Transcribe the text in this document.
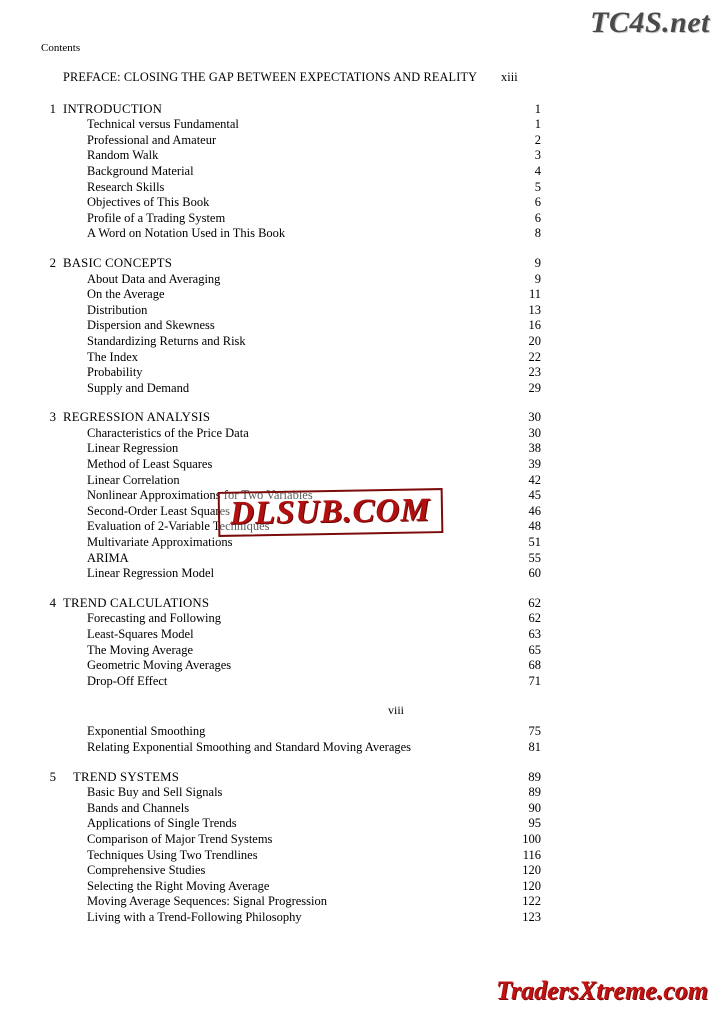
Contents
PREFACE: CLOSING THE GAP BETWEEN EXPECTATIONS AND REALITY	xiii
1 INTRODUCTION	1
Technical versus Fundamental	1
Professional and Amateur	2
Random Walk	3
Background Material	4
Research Skills	5
Objectives of This Book	6
Profile of a Trading System	6
A Word on Notation Used in This Book	8
2 BASIC CONCEPTS	9
About Data and Averaging	9
On the Average	11
Distribution	13
Dispersion and Skewness	16
Standardizing Returns and Risk	20
The Index	22
Probability	23
Supply and Demand	29
3 REGRESSION ANALYSIS	30
Characteristics of the Price Data	30
Linear Regression	38
Method of Least Squares	39
Linear Correlation	42
Nonlinear Approximations for Two Variables	45
Second-Order Least Squares	46
Evaluation of 2-Variable Techniques	48
Multivariate Approximations	51
ARIMA	55
Linear Regression Model	60
4 TREND CALCULATIONS	62
Forecasting and Following	62
Least-Squares Model	63
The Moving Average	65
Geometric Moving Averages	68
Drop-Off Effect	71
viii
Exponential Smoothing	75
Relating Exponential Smoothing and Standard Moving Averages	81
5	TREND SYSTEMS	89
Basic Buy and Sell Signals	89
Bands and Channels	90
Applications of Single Trends	95
Comparison of Major Trend Systems	100
Techniques Using Two Trendlines	116
Comprehensive Studies	120
Selecting the Right Moving Average	120
Moving Average Sequences: Signal Progression	122
Living with a Trend-Following Philosophy	123
TC4S.net
DLSUB.COM
TradersXtreme.com
